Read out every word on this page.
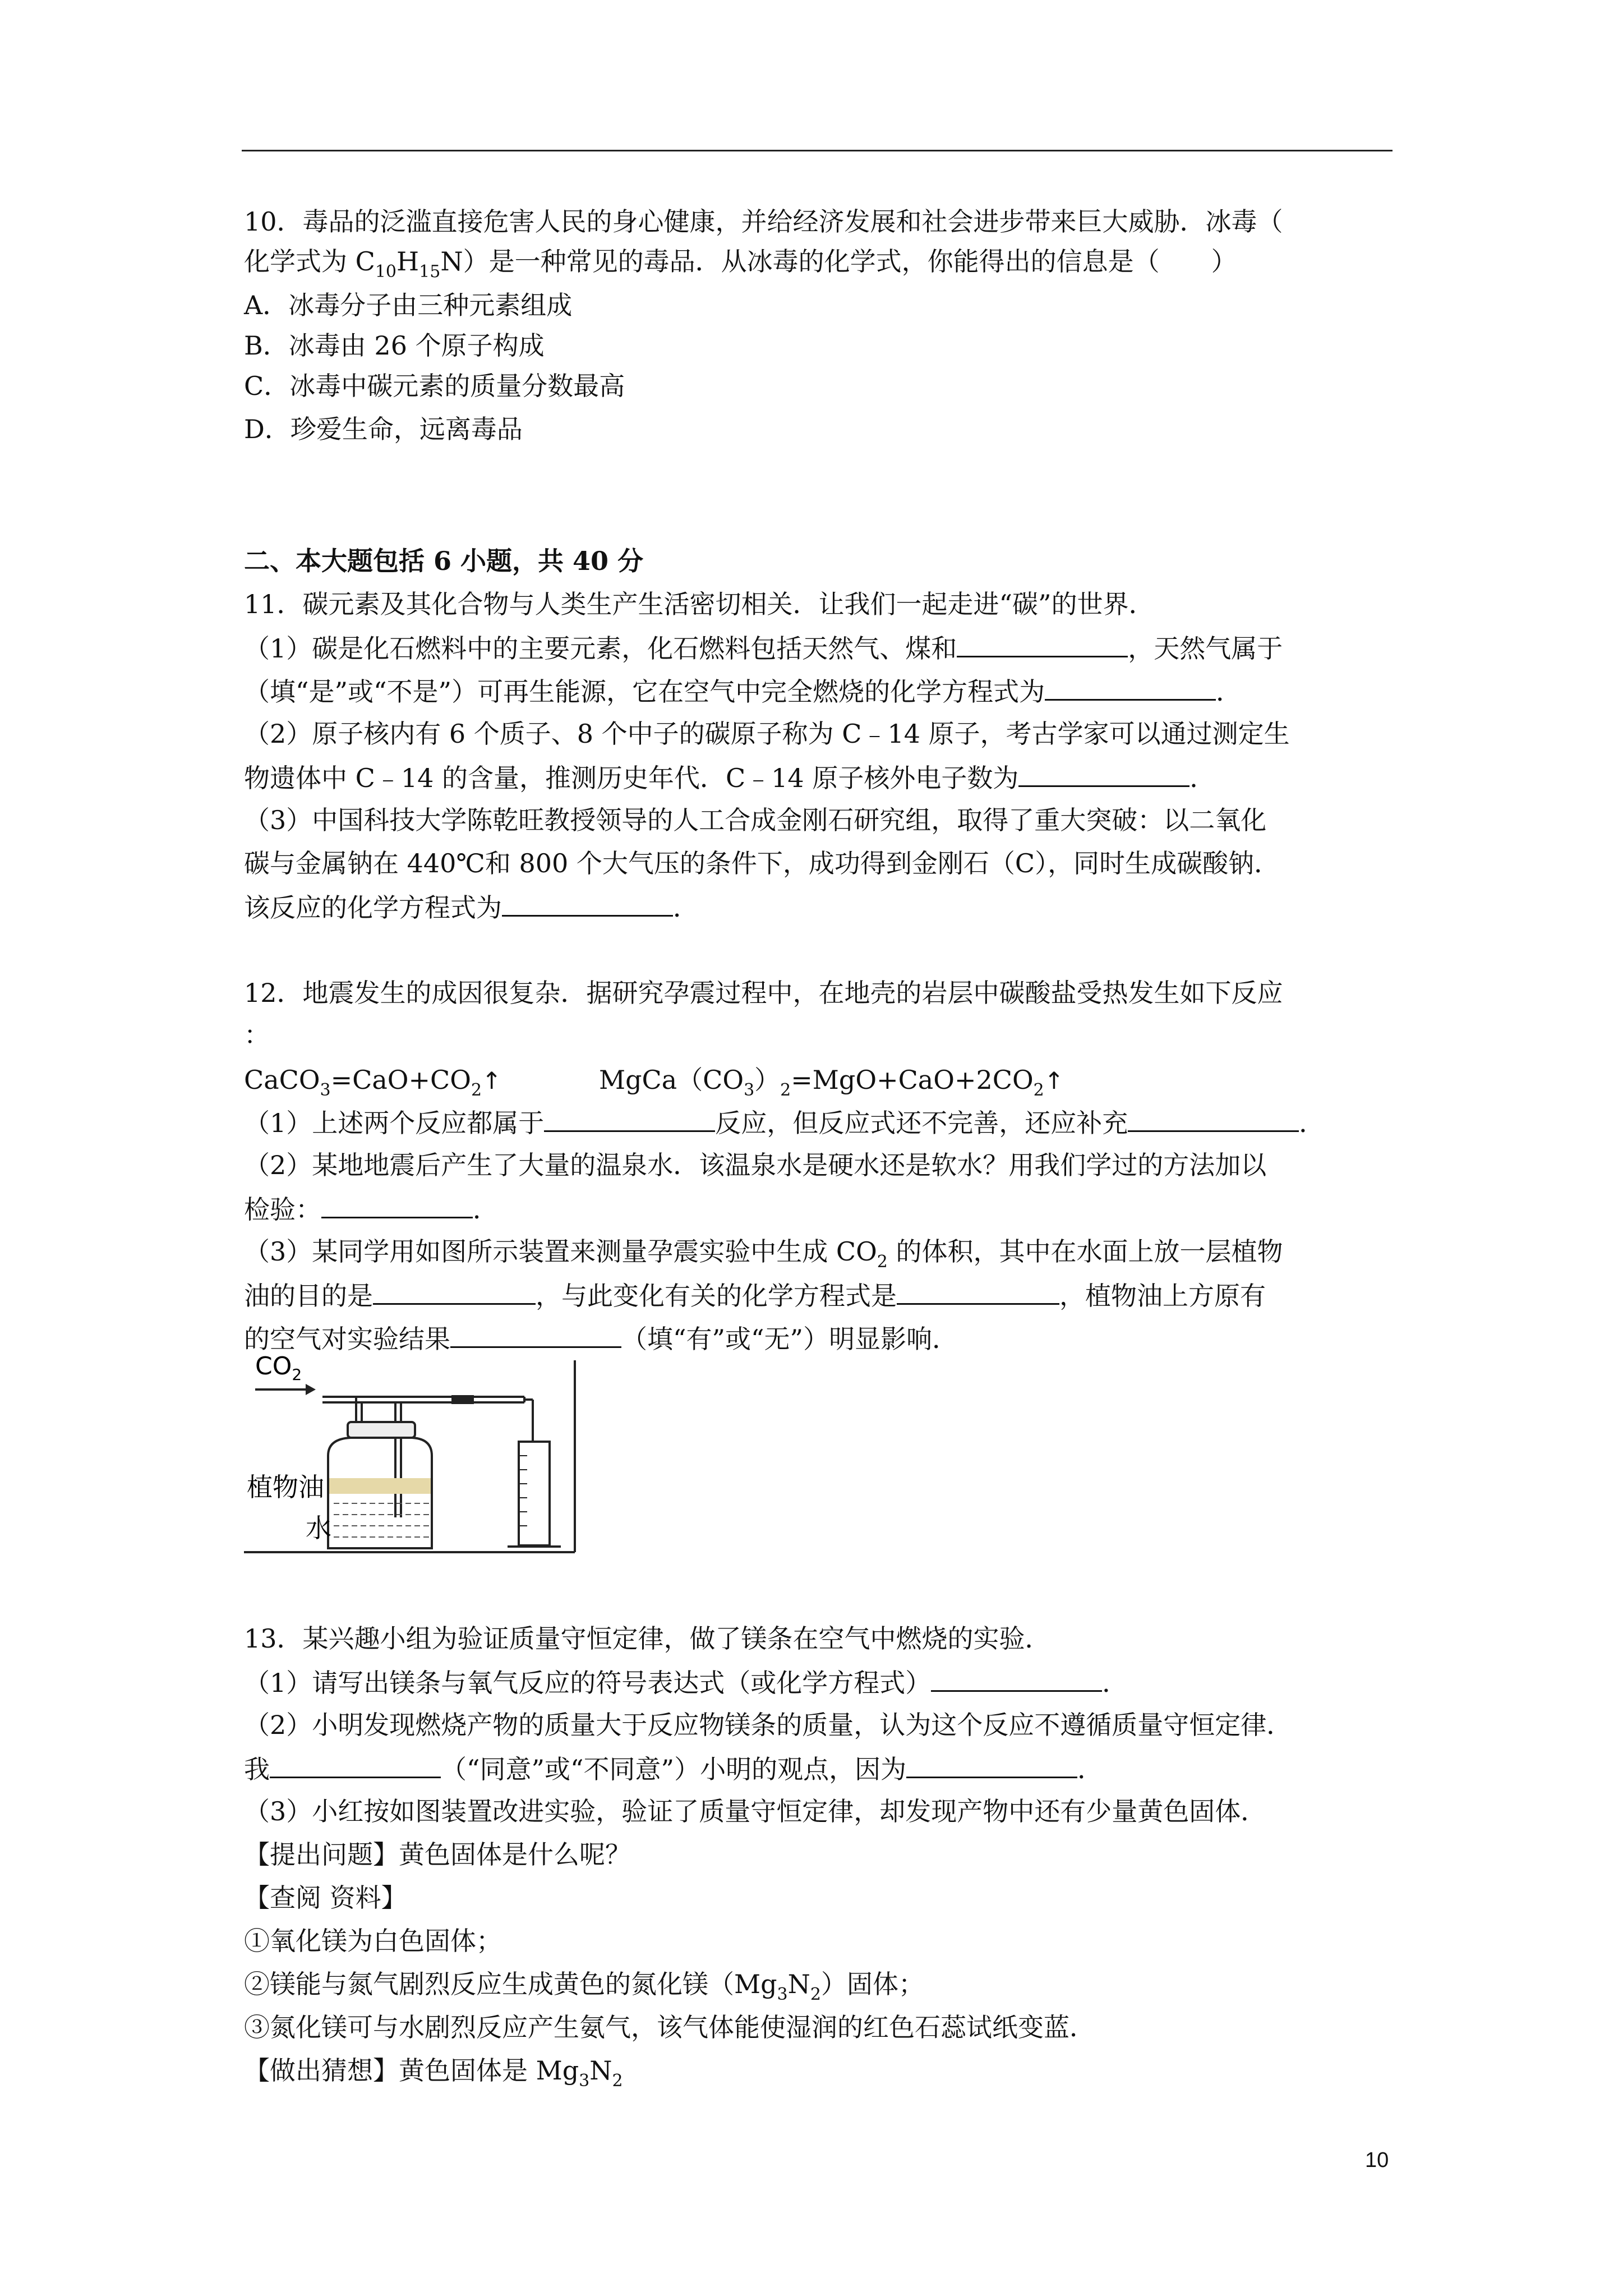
10．毒品的泛滥直接危害人民的身心健康，并给经济发展和社会进步带来巨大威胁．冰毒（
化学式为 $C_{10}H_{15}N$）是一种常见的毒品．从冰毒的化学式，你能得出的信息是（　　）
A．冰毒分子由三种元素组成
B．冰毒由 26 个原子构成
C．冰毒中碳元素的质量分数最高
D．珍爱生命，远离毒品
二、本大题包括 6 小题，共 40 分
11．碳元素及其化合物与人类生产生活密切相关．让我们一起走进“碳”的世界．
（1）碳是化石燃料中的主要元素，化石燃料包括天然气、煤和	，天然气属于
（填“是”或“不是”）可再生能源，它在空气中完全燃烧的化学方程式为	．
（2）原子核内有 6 个质子、8 个中子的碳原子称为 C﹣14 原子，考古学家可以通过测定生
物遗体中 C﹣14 的含量，推测历史年代．C﹣14 原子核外电子数为	．
（3）中国科技大学陈乾旺教授领导的人工合成金刚石研究组，取得了重大突破：以二氧化
碳与金属钠在 440℃和 800 个大气压的条件下，成功得到金刚石（C），同时生成碳酸钠．
该反应的化学方程式为	．
12．地震发生的成因很复杂．据研究孕震过程中，在地壳的岩层中碳酸盐受热发生如下反应
：
$CaCO_3=CaO+CO_2↑$	$MgCa(CO_3)_2=MgO+CaO+2CO_2↑$
（1）上述两个反应都属于	反应，但反应式还不完善，还应补充	．
（2）某地地震后产生了大量的温泉水．该温泉水是硬水还是软水？用我们学过的方法加以
检验：	．
（3）某同学用如图所示装置来测量孕震实验中生成 $CO_2$ 的体积，其中在水面上放一层植物
油的目的是	，与此变化有关的化学方程式是	，植物油上方原有
的空气对实验结果	（填“有”或“无”）明显影响．
$CO_2$
植物油
水
13．某兴趣小组为验证质量守恒定律，做了镁条在空气中燃烧的实验．
（1）请写出镁条与氧气反应的符号表达式（或化学方程式）	．
（2）小明发现燃烧产物的质量大于反应物镁条的质量，认为这个反应不遵循质量守恒定律．
我	（“同意”或“不同意”）小明的观点，因为	．
（3）小红按如图装置改进实验，验证了质量守恒定律，却发现产物中还有少量黄色固体．
【提出问题】黄色固体是什么呢？
【查阅 资料】
①氧化镁为白色固体；
②镁能与氮气剧烈反应生成黄色的氮化镁$(Mg_3N_2)$固体；
③氮化镁可与水剧烈反应产生氨气，该气体能使湿润的红色石蕊试纸变蓝．
【做出猜想】黄色固体是 $Mg_3N_2$
10
